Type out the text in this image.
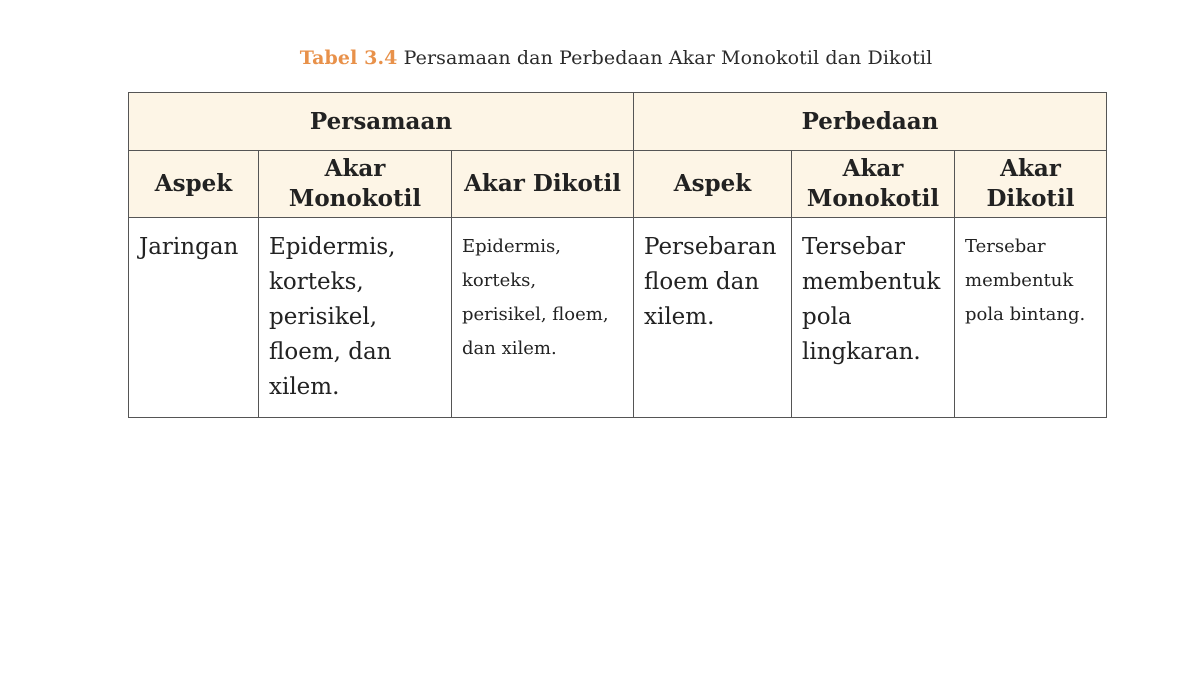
Tabel 3.4 Persamaan dan Perbedaan Akar Monokotil dan Dikotil
Persamaan			Perbedaan		
Aspek	Akar Monokotil	Akar Dikotil	Aspek	Akar Monokotil	Akar Dikotil
Jaringan	Epidermis, korteks, perisikel, floem, dan xilem.	Epidermis, korteks, perisikel, floem, dan xilem.	Persebaran floem dan xilem.	Tersebar membentuk pola lingkaran.	Tersebar membentuk pola bintang.
